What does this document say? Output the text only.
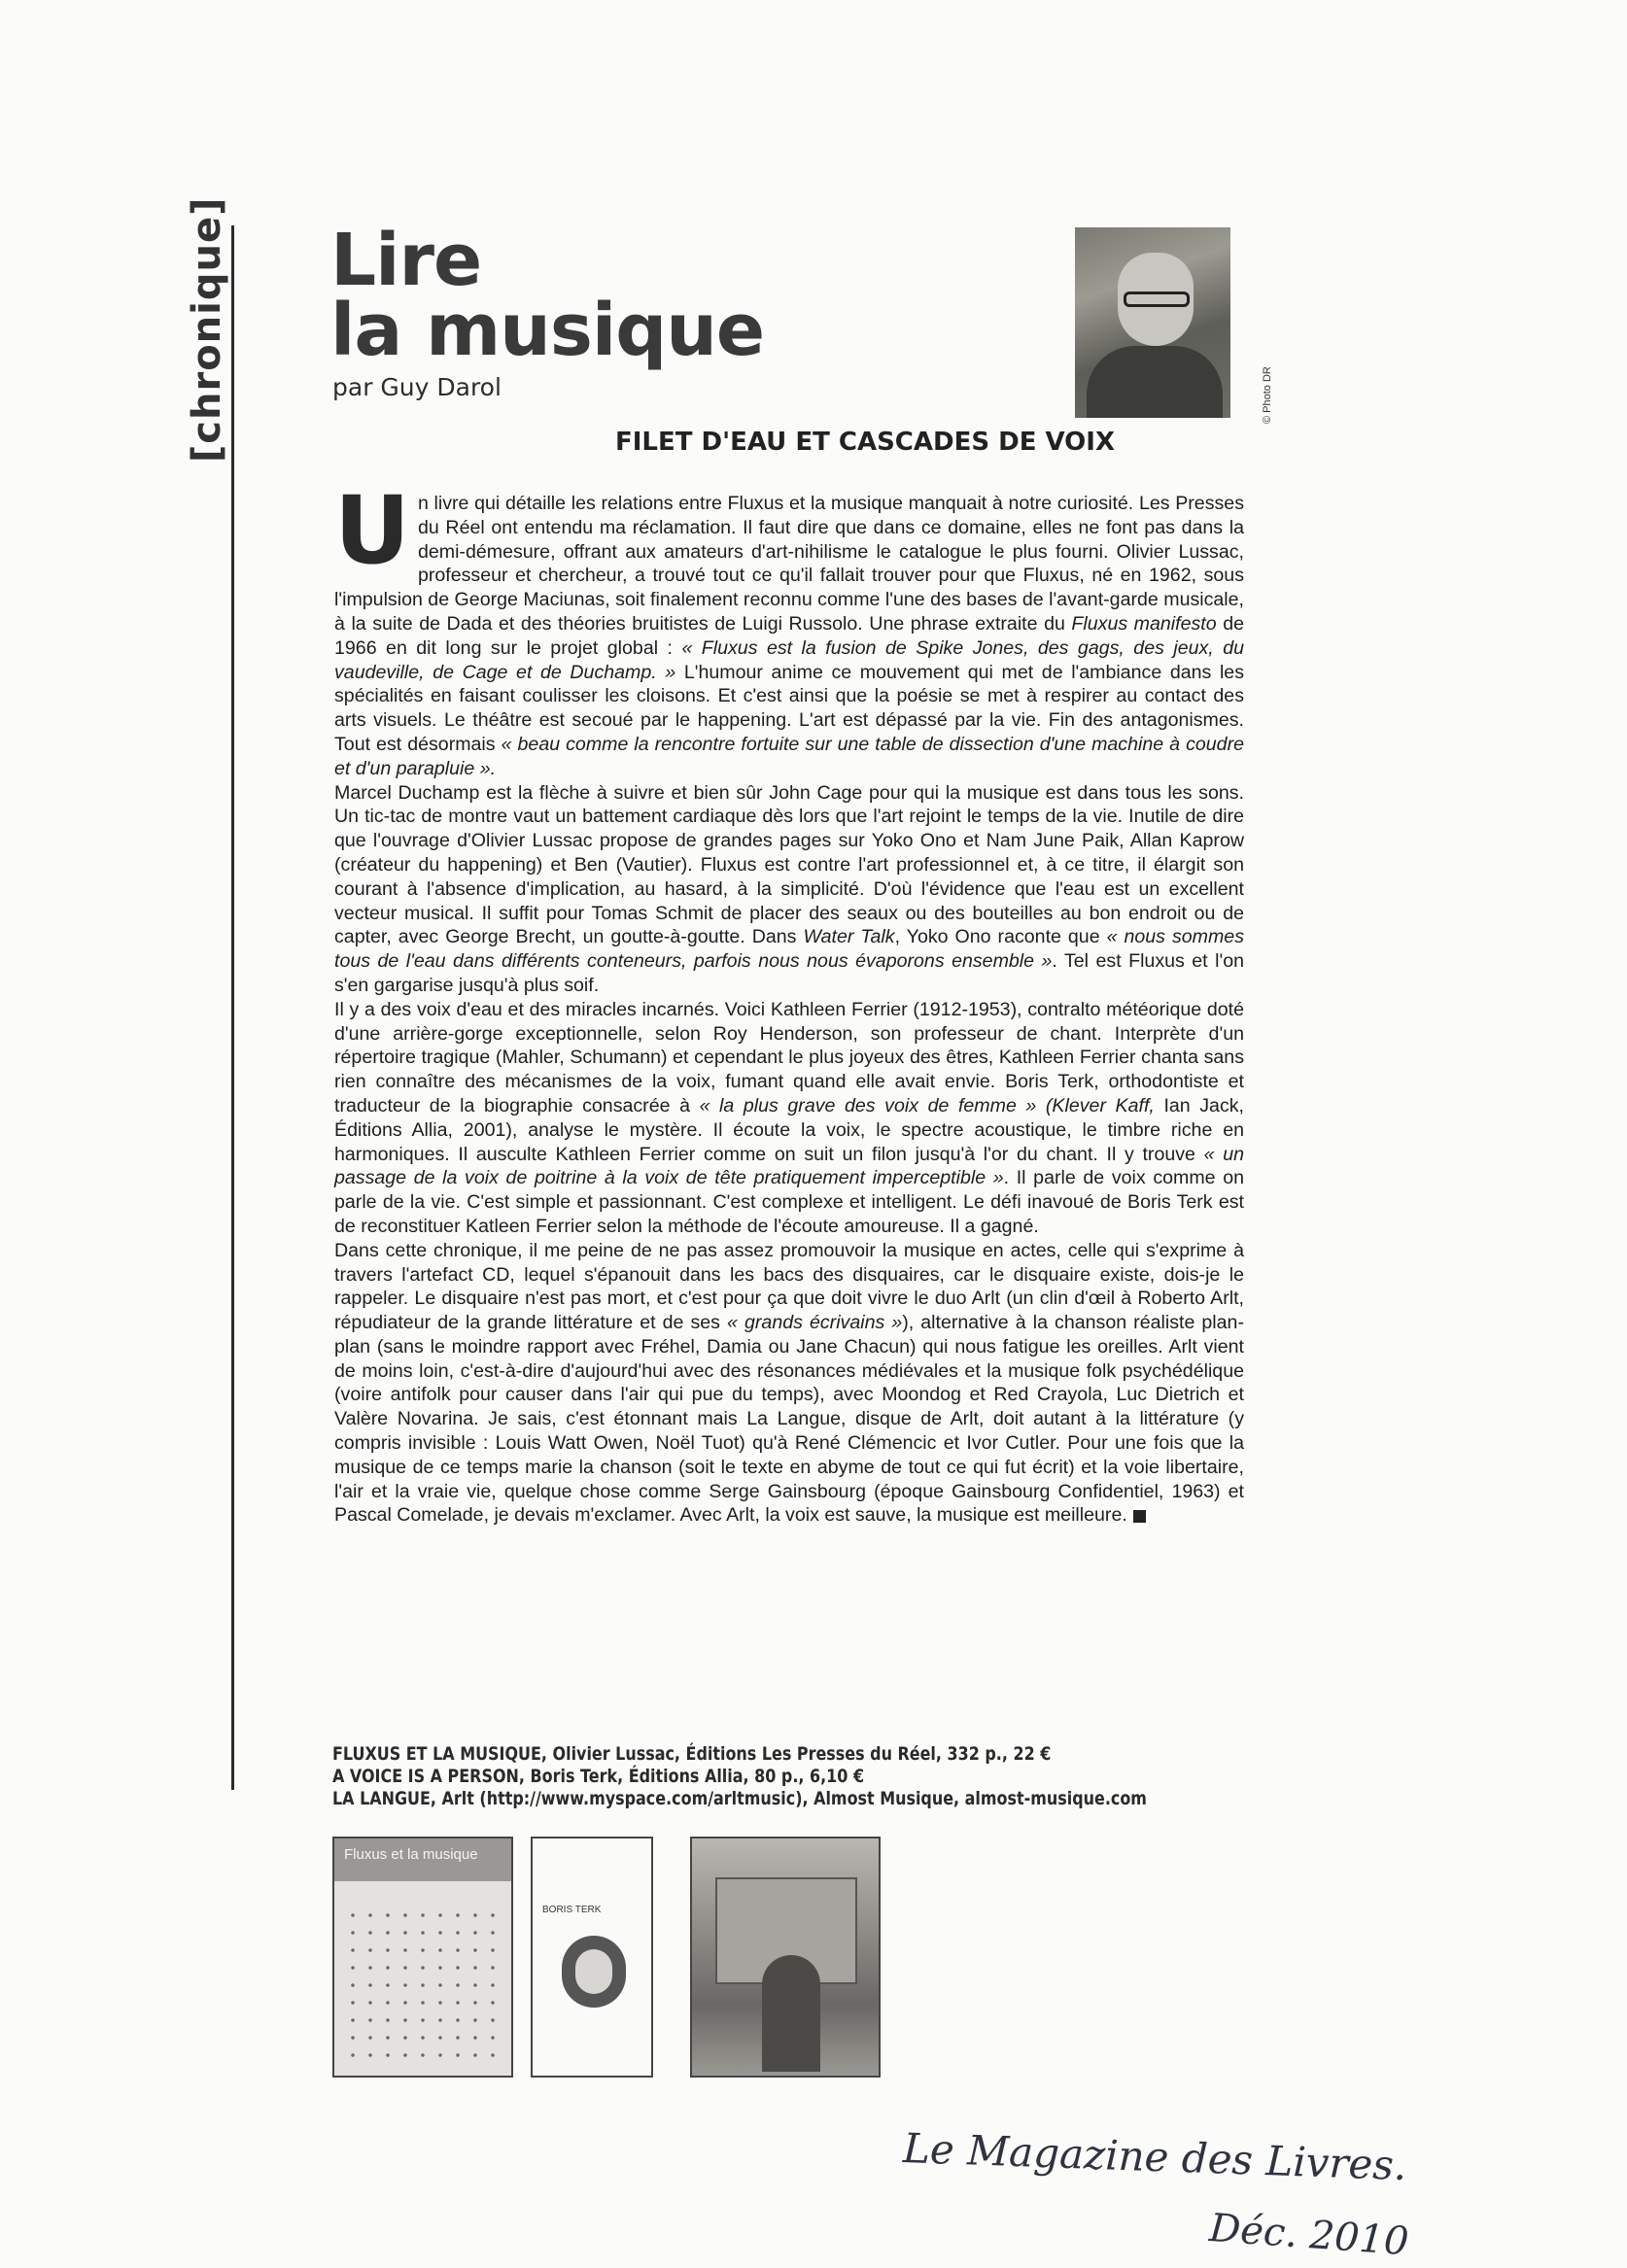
[chronique] Lire
la musique
par Guy Darol	© Photo DR
FILET D'EAU ET CASCADES DE VOIX

Un livre qui détaille les relations entre Fluxus et la musique manquait à notre curiosité. Les Presses du Réel ont entendu ma réclamation. Il faut dire que dans ce domaine, elles ne font pas dans la demi-démesure, offrant aux amateurs d'art-nihilisme le catalogue le plus fourni. Olivier Lussac, professeur et chercheur, a trouvé tout ce qu'il fallait trouver pour que Fluxus, né en 1962, sous l'impulsion de George Maciunas, soit finalement reconnu comme l'une des bases de l'avant-garde musicale, à la suite de Dada et des théories bruitistes de Luigi Russolo. Une phrase extraite du Fluxus manifesto de 1966 en dit long sur le projet global : « Fluxus est la fusion de Spike Jones, des gags, des jeux, du vaudeville, de Cage et de Duchamp. » L'humour anime ce mouvement qui met de l'ambiance dans les spécialités en faisant coulisser les cloisons. Et c'est ainsi que la poésie se met à respirer au contact des arts visuels. Le théâtre est secoué par le happening. L'art est dépassé par la vie. Fin des antagonismes. Tout est désormais « beau comme la rencontre fortuite sur une table de dissection d'une machine à coudre et d'un parapluie ».

Marcel Duchamp est la flèche à suivre et bien sûr John Cage pour qui la musique est dans tous les sons. Un tic-tac de montre vaut un battement cardiaque dès lors que l'art rejoint le temps de la vie. Inutile de dire que l'ouvrage d'Olivier Lussac propose de grandes pages sur Yoko Ono et Nam June Paik, Allan Kaprow (créateur du happening) et Ben (Vautier). Fluxus est contre l'art professionnel et, à ce titre, il élargit son courant à l'absence d'implication, au hasard, à la simplicité. D'où l'évidence que l'eau est un excellent vecteur musical. Il suffit pour Tomas Schmit de placer des seaux ou des bouteilles au bon endroit ou de capter, avec George Brecht, un goutte-à-goutte. Dans Water Talk, Yoko Ono raconte que « nous sommes tous de l'eau dans différents conteneurs, parfois nous nous évaporons ensemble ». Tel est Fluxus et l'on s'en gargarise jusqu'à plus soif.

Il y a des voix d'eau et des miracles incarnés. Voici Kathleen Ferrier (1912-1953), contralto météorique doté d'une arrière-gorge exceptionnelle, selon Roy Henderson, son professeur de chant. Interprète d'un répertoire tragique (Mahler, Schumann) et cependant le plus joyeux des êtres, Kathleen Ferrier chanta sans rien connaître des mécanismes de la voix, fumant quand elle avait envie. Boris Terk, orthodontiste et traducteur de la biographie consacrée à « la plus grave des voix de femme » (Klever Kaff, Ian Jack, Éditions Allia, 2001), analyse le mystère. Il écoute la voix, le spectre acoustique, le timbre riche en harmoniques. Il ausculte Kathleen Ferrier comme on suit un filon jusqu'à l'or du chant. Il y trouve « un passage de la voix de poitrine à la voix de tête pratiquement imperceptible ». Il parle de voix comme on parle de la vie. C'est simple et passionnant. C'est complexe et intelligent. Le défi inavoué de Boris Terk est de reconstituer Katleen Ferrier selon la méthode de l'écoute amoureuse. Il a gagné.

Dans cette chronique, il me peine de ne pas assez promouvoir la musique en actes, celle qui s'exprime à travers l'artefact CD, lequel s'épanouit dans les bacs des disquaires, car le disquaire existe, dois-je le rappeler. Le disquaire n'est pas mort, et c'est pour ça que doit vivre le duo Arlt (un clin d'œil à Roberto Arlt, répudiateur de la grande littérature et de ses « grands écrivains »), alternative à la chanson réaliste plan-plan (sans le moindre rapport avec Fréhel, Damia ou Jane Chacun) qui nous fatigue les oreilles. Arlt vient de moins loin, c'est-à-dire d'aujourd'hui avec des résonances médiévales et la musique folk psychédélique (voire antifolk pour causer dans l'air qui pue du temps), avec Moondog et Red Crayola, Luc Dietrich et Valère Novarina. Je sais, c'est étonnant mais La Langue, disque de Arlt, doit autant à la littérature (y compris invisible : Louis Watt Owen, Noël Tuot) qu'à René Clémencic et Ivor Cutler. Pour une fois que la musique de ce temps marie la chanson (soit le texte en abyme de tout ce qui fut écrit) et la voie libertaire, l'air et la vraie vie, quelque chose comme Serge Gainsbourg (époque Gainsbourg Confidentiel, 1963) et Pascal Comelade, je devais m'exclamer. Avec Arlt, la voix est sauve, la musique est meilleure.

FLUXUS ET LA MUSIQUE, Olivier Lussac, Éditions Les Presses du Réel, 332 p., 22 €
A VOICE IS A PERSON, Boris Terk, Éditions Allia, 80 p., 6,10 €
LA LANGUE, Arlt (http://www.myspace.com/arltmusic), Almost Musique, almost-musique.com
Fluxus et la musique
BORIS TERK
Le Magazine des Livres.
Déc. 2010
